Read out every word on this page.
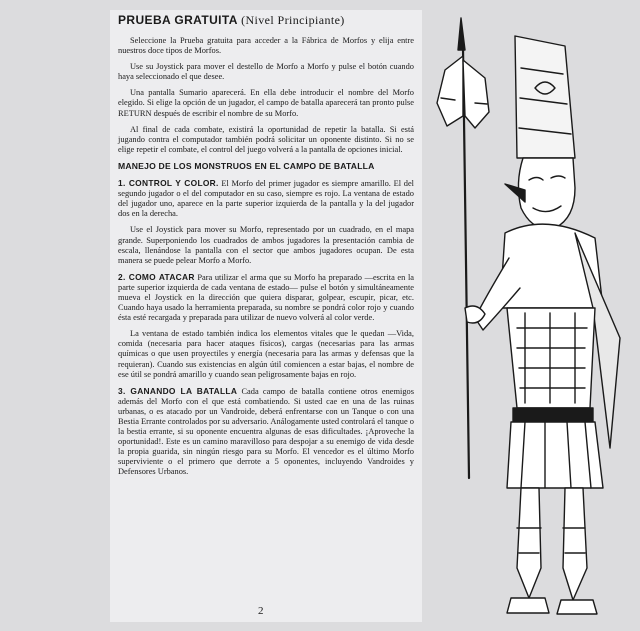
PRUEBA GRATUITA (Nivel Principiante)

Seleccione la Prueba gratuita para acceder a la Fábrica de Morfos y elija entre nuestros doce tipos de Morfos.

Use su Joystick para mover el destello de Morfo a Morfo y pulse el botón cuando haya seleccionado el que desee.

Una pantalla Sumario aparecerá. En ella debe introducir el nombre del Morfo elegido. Si elige la opción de un jugador, el campo de batalla aparecerá tan pronto pulse RETURN después de escribir el nombre de su Morfo.

Al final de cada combate, existirá la oportunidad de repetir la batalla. Si está jugando contra el computador también podrá solicitar un oponente distinto. Si no se elige repetir el combate, el control del juego volverá a la pantalla de opciones inicial.

MANEJO DE LOS MONSTRUOS EN EL CAMPO DE BATALLA

1. CONTROL Y COLOR. El Morfo del primer jugador es siempre amarillo. El del segundo jugador o el del computador en su caso, siempre es rojo. La ventana de estado del jugador uno, aparece en la parte superior izquierda de la pantalla y la del jugador dos en la derecha.

Use el Joystick para mover su Morfo, representado por un cuadrado, en el mapa grande. Superponiendo los cuadrados de ambos jugadores la presentación cambia de escala, llenándose la pantalla con el sector que ambos jugadores ocupan. De esta manera se puede pelear Morfo a Morfo.

2. COMO ATACAR Para utilizar el arma que su Morfo ha preparado —escrita en la parte superior izquierda de cada ventana de estado— pulse el botón y simultáneamente mueva el Joystick en la dirección que quiera disparar, golpear, escupir, picar, etc. Cuando haya usado la herramienta preparada, su nombre se pondrá color rojo y cuando ésta esté recargada y preparada para utilizar de nuevo volverá al color verde.

La ventana de estado también indica los elementos vitales que le quedan —Vida, comida (necesaria para hacer ataques físicos), cargas (necesarias para las armas químicas o que usen proyectiles y energía (necesaria para las armas y defensas que la requieran). Cuando sus existencias en algún útil comiencen a estar bajas, el nombre de ese útil se pondrá amarillo y cuando sean peligrosamente bajas en rojo.

3. GANANDO LA BATALLA Cada campo de batalla contiene otros enemigos además del Morfo con el que está combatiendo. Si usted cae en una de las ruinas urbanas, o es atacado por un Vandroide, deberá enfrentarse con un Tanque o con una Bestia Errante controlados por su adversario. Análogamente usted controlará el tanque o la bestia errante, si su oponente encuentra algunas de esas dificultades. ¡Aproveche la oportunidad!. Este es un camino maravilloso para despojar a su enemigo de vida desde la propia guarida, sin ningún riesgo para su Morfo. El vencedor es el último Morfo superviviente o el primero que derrote a 5 oponentes, incluyendo Vandroides y Defensores Urbanos.

2
